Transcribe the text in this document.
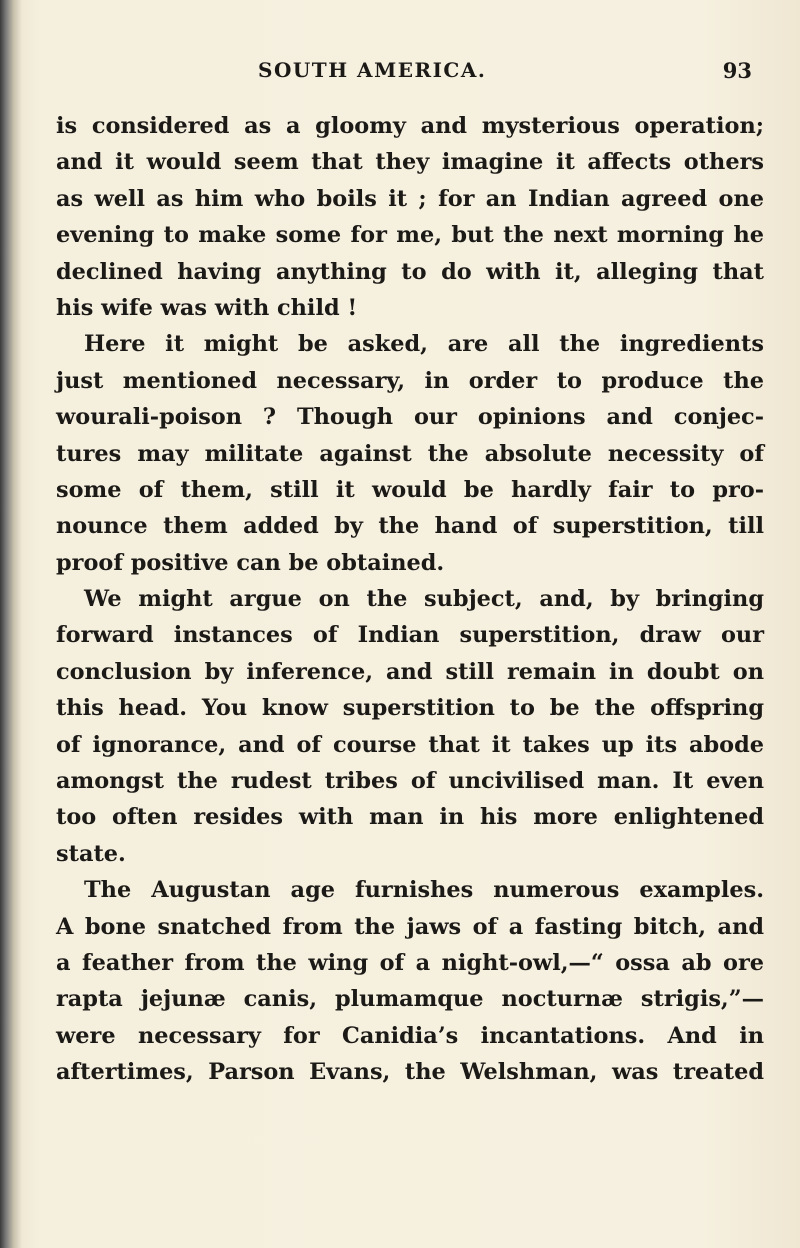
SOUTH AMERICA.	93
is considered as a gloomy and mysterious operation;
and it would seem that they imagine it affects others
as well as him who boils it ; for an Indian agreed one
evening to make some for me, but the next morning he
declined having anything to do with it, alleging that
his wife was with child !
Here it might be asked, are all the ingredients
just mentioned necessary, in order to produce the
wourali-poison ? Though our opinions and conjec-
tures may militate against the absolute necessity of
some of them, still it would be hardly fair to pro-
nounce them added by the hand of superstition, till
proof positive can be obtained.
We might argue on the subject, and, by bringing
forward instances of Indian superstition, draw our
conclusion by inference, and still remain in doubt on
this head. You know superstition to be the offspring
of ignorance, and of course that it takes up its abode
amongst the rudest tribes of uncivilised man. It even
too often resides with man in his more enlightened
state.
The Augustan age furnishes numerous examples.
A bone snatched from the jaws of a fasting bitch, and
a feather from the wing of a night-owl,—“ ossa ab ore
rapta jejunæ canis, plumamque nocturnæ strigis,”—
were necessary for Canidia’s incantations. And in
aftertimes, Parson Evans, the Welshman, was treated
